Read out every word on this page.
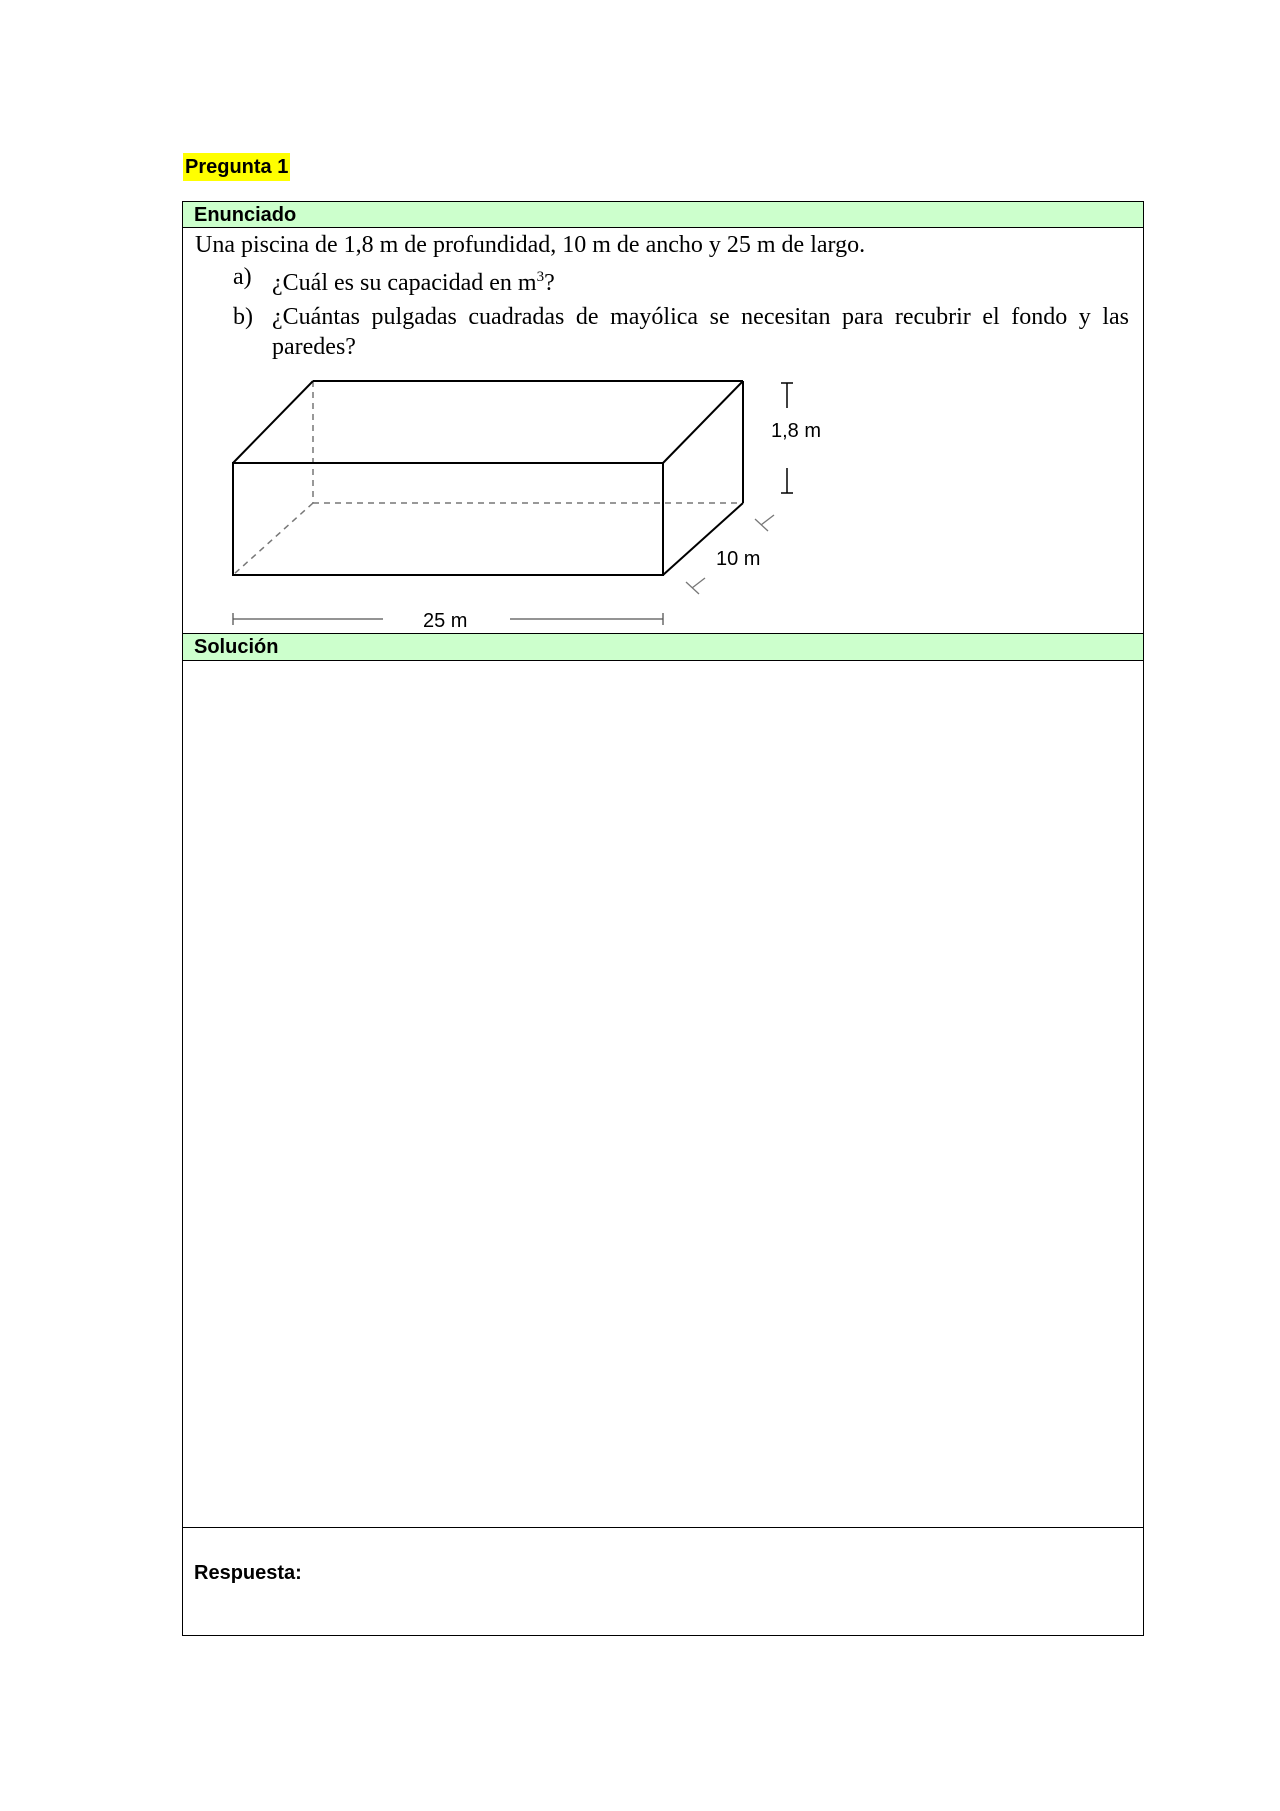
Pregunta 1
Enunciado

Una piscina de 1,8 m de profundidad, 10 m de ancho y 25 m de largo.

a) ¿Cuál es su capacidad en $m^3$?
b) ¿Cuántas pulgadas cuadradas de mayólica se necesitan para recubrir el fondo y las paredes?
1,8 m
10 m
25 m
Solución
Respuesta:
